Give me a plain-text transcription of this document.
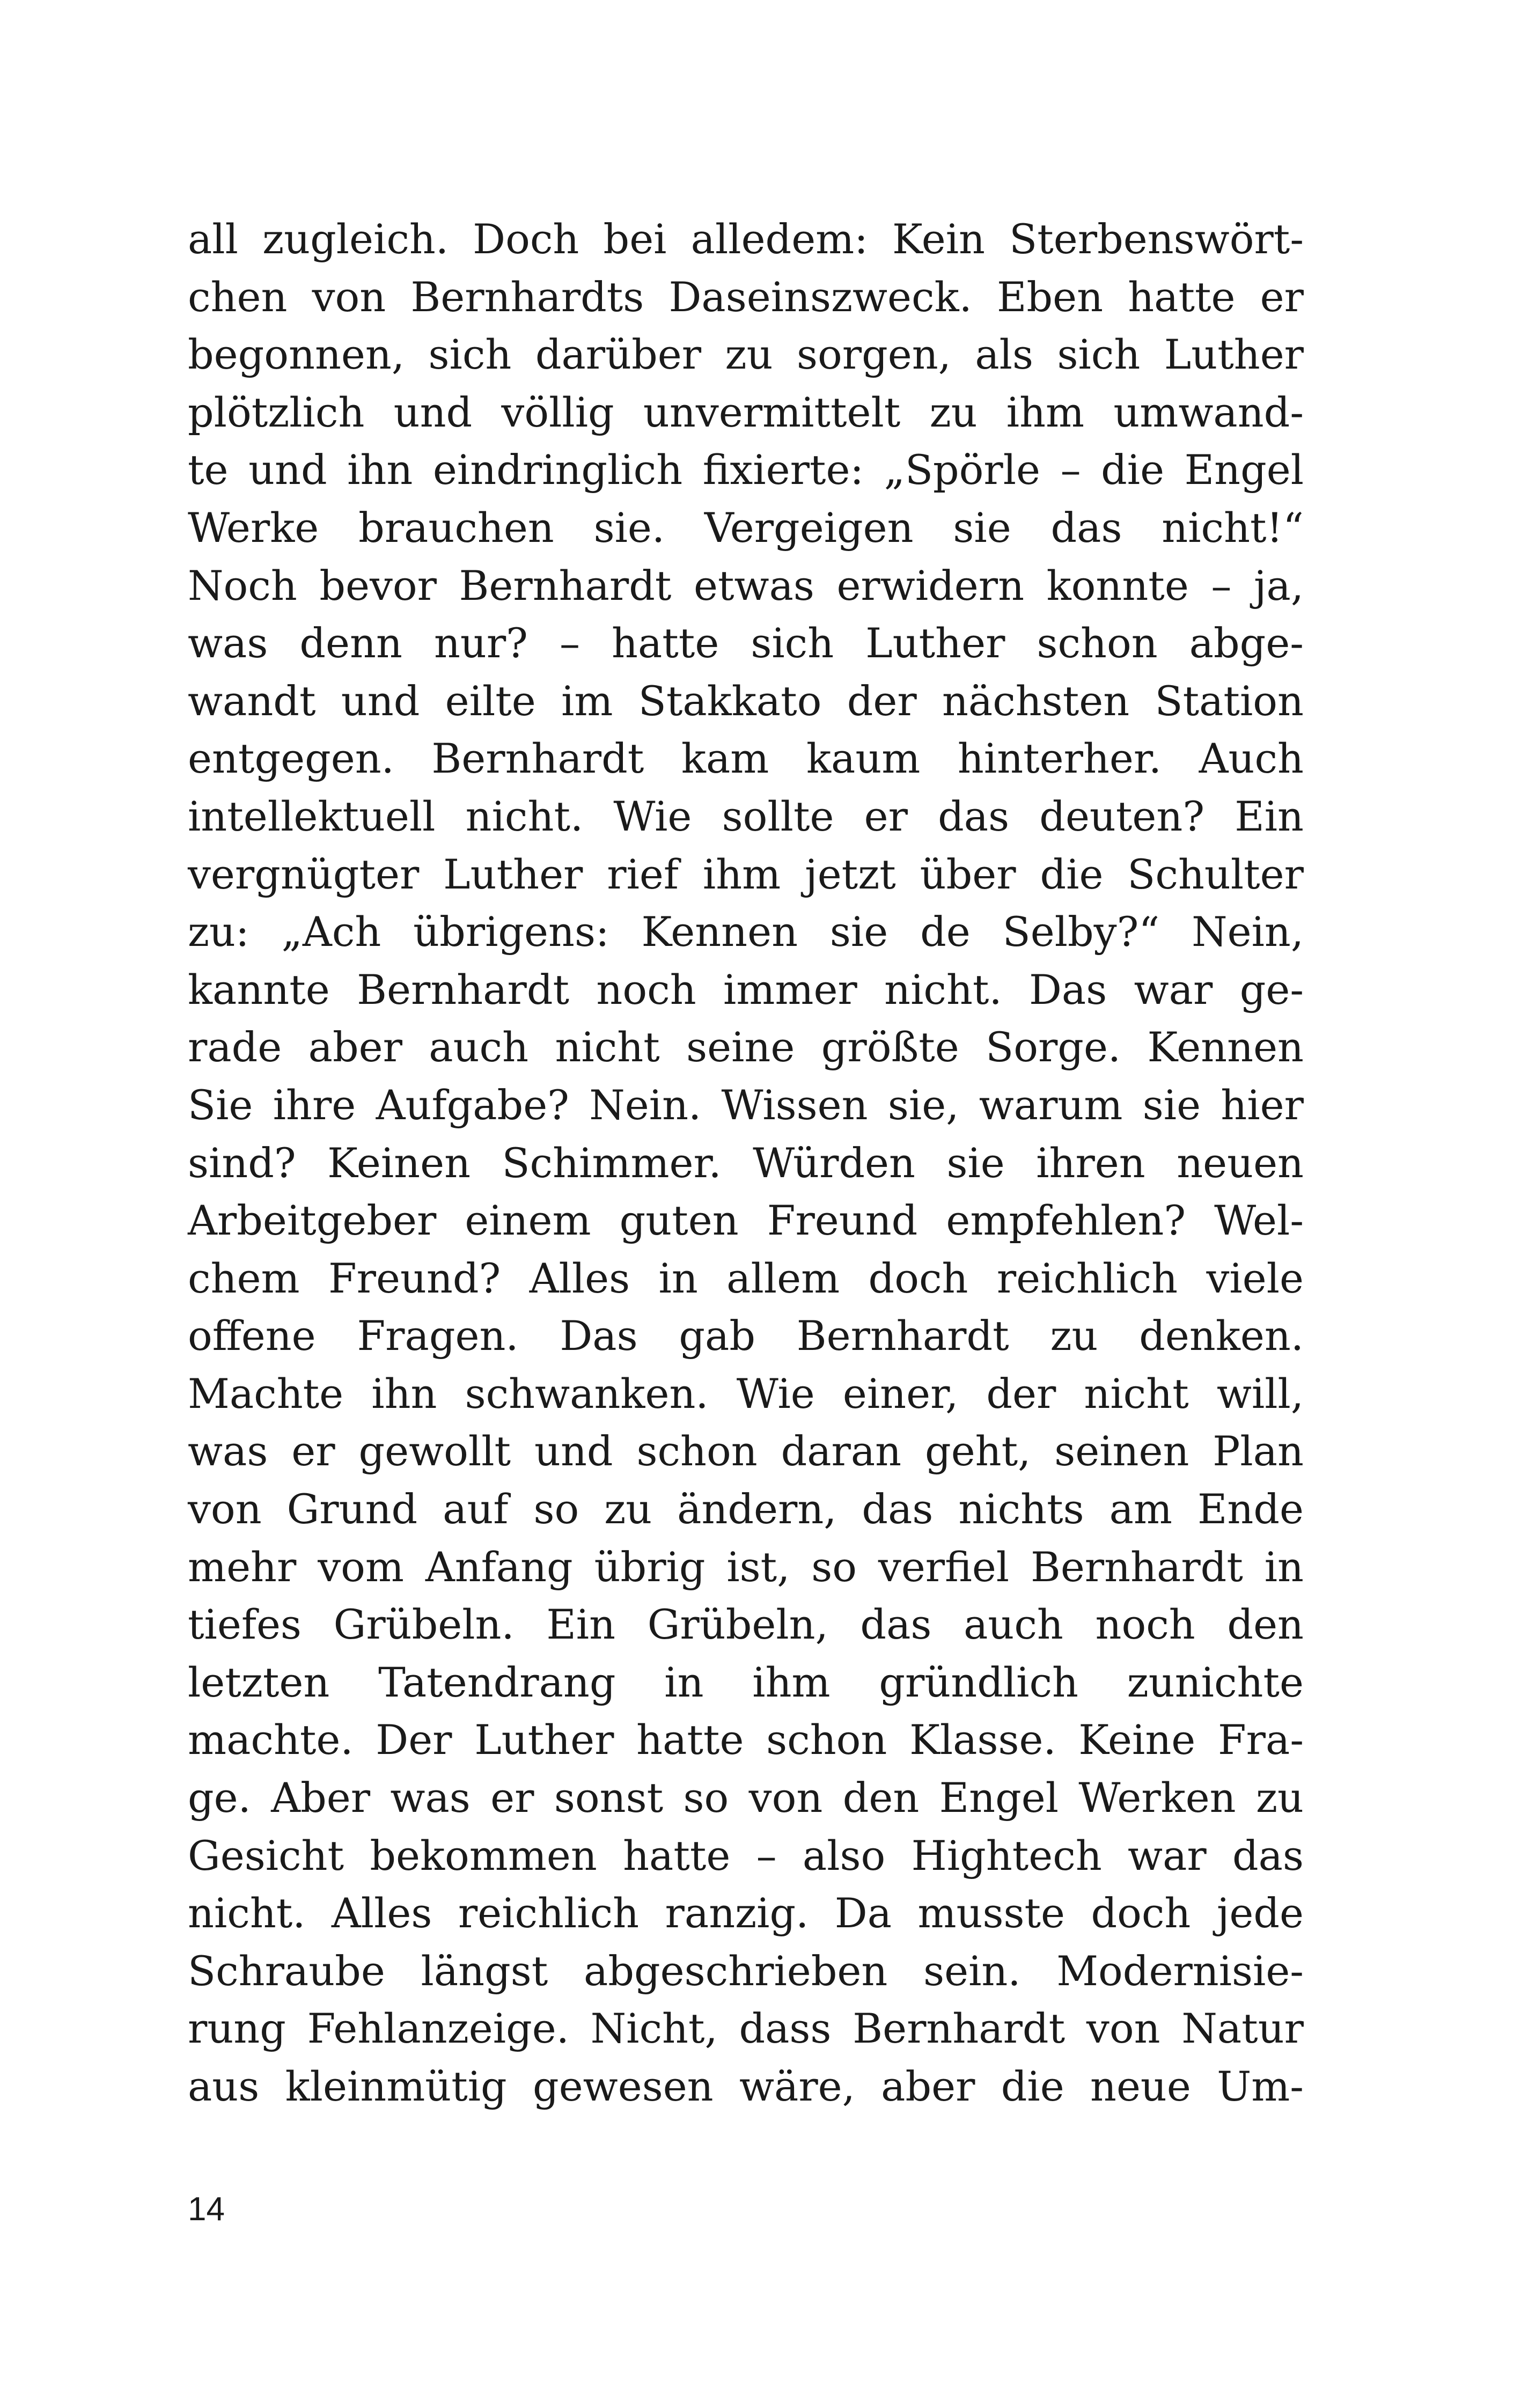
all zugleich. Doch bei alledem: Kein Sterbenswört-
chen von Bernhardts Daseinszweck. Eben hatte er
begonnen, sich darüber zu sorgen, als sich Luther
plötzlich und völlig unvermittelt zu ihm umwand-
te und ihn eindringlich fixierte: „Spörle – die Engel
Werke brauchen sie. Vergeigen sie das nicht!“
Noch bevor Bernhardt etwas erwidern konnte – ja,
was denn nur? – hatte sich Luther schon abge-
wandt und eilte im Stakkato der nächsten Station
entgegen. Bernhardt kam kaum hinterher. Auch
intellektuell nicht. Wie sollte er das deuten? Ein
vergnügter Luther rief ihm jetzt über die Schulter
zu: „Ach übrigens: Kennen sie de Selby?“ Nein,
kannte Bernhardt noch immer nicht. Das war ge-
rade aber auch nicht seine größte Sorge. Kennen
Sie ihre Aufgabe? Nein. Wissen sie, warum sie hier
sind? Keinen Schimmer. Würden sie ihren neuen
Arbeitgeber einem guten Freund empfehlen? Wel-
chem Freund? Alles in allem doch reichlich viele
offene Fragen. Das gab Bernhardt zu denken.
Machte ihn schwanken. Wie einer, der nicht will,
was er gewollt und schon daran geht, seinen Plan
von Grund auf so zu ändern, das nichts am Ende
mehr vom Anfang übrig ist, so verfiel Bernhardt in
tiefes Grübeln. Ein Grübeln, das auch noch den
letzten Tatendrang in ihm gründlich zunichte
machte. Der Luther hatte schon Klasse. Keine Fra-
ge. Aber was er sonst so von den Engel Werken zu
Gesicht bekommen hatte – also Hightech war das
nicht. Alles reichlich ranzig. Da musste doch jede
Schraube längst abgeschrieben sein. Modernisie-
rung Fehlanzeige. Nicht, dass Bernhardt von Natur
aus kleinmütig gewesen wäre, aber die neue Um-
14
